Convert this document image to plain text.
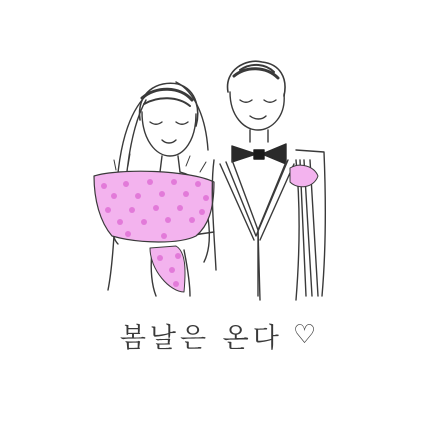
봄날은 온다 ♡
